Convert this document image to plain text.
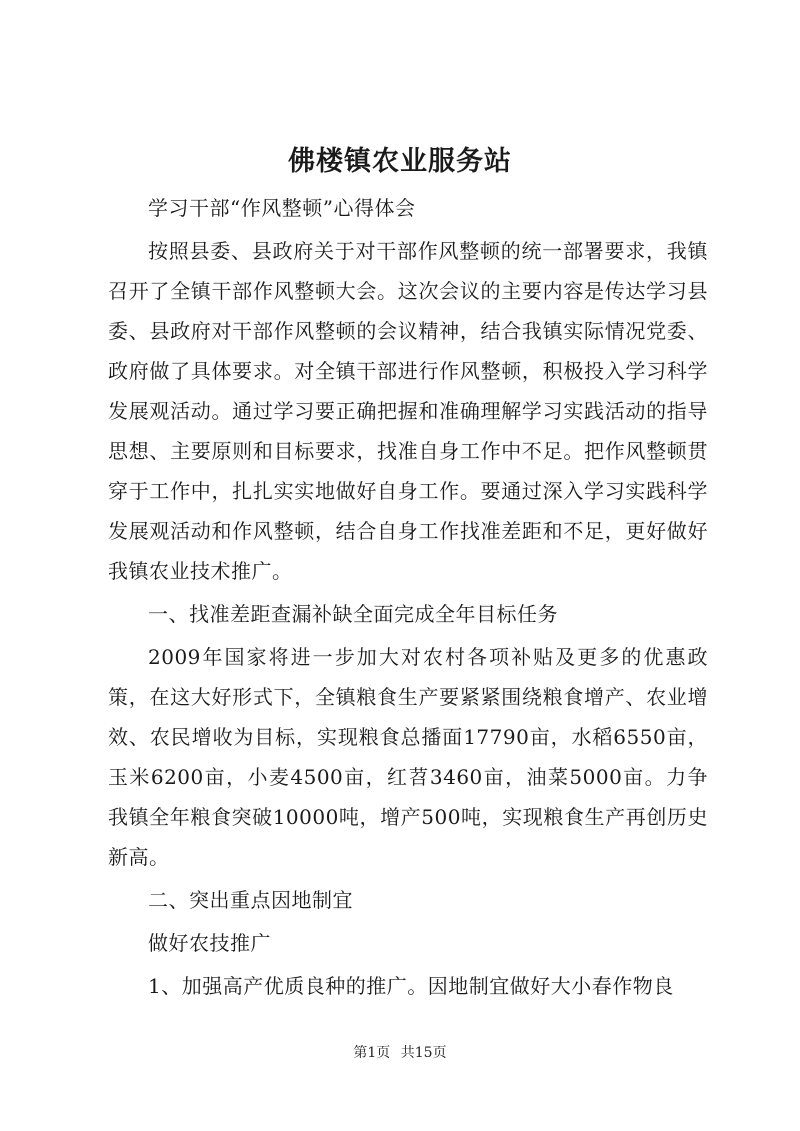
佛楼镇农业服务站

学习干部“作风整顿”心得体会

按照县委、县政府关于对干部作风整顿的统一部署要求，我镇召开了全镇干部作风整顿大会。这次会议的主要内容是传达学习县委、县政府对干部作风整顿的会议精神，结合我镇实际情况党委、政府做了具体要求。对全镇干部进行作风整顿，积极投入学习科学发展观活动。通过学习要正确把握和准确理解学习实践活动的指导思想、主要原则和目标要求，找准自身工作中不足。把作风整顿贯穿于工作中，扎扎实实地做好自身工作。要通过深入学习实践科学发展观活动和作风整顿，结合自身工作找准差距和不足，更好做好我镇农业技术推广。

一、找准差距查漏补缺全面完成全年目标任务

2009年国家将进一步加大对农村各项补贴及更多的优惠政策，在这大好形式下，全镇粮食生产要紧紧围绕粮食增产、农业增效、农民增收为目标，实现粮食总播面17790亩，水稻6550亩，玉米6200亩，小麦4500亩，红苕3460亩，油菜5000亩。力争我镇全年粮食突破10000吨，增产500吨，实现粮食生产再创历史新高。

二、突出重点因地制宜

做好农技推广

1、加强高产优质良种的推广。因地制宜做好大小春作物良

第1页 共15页
